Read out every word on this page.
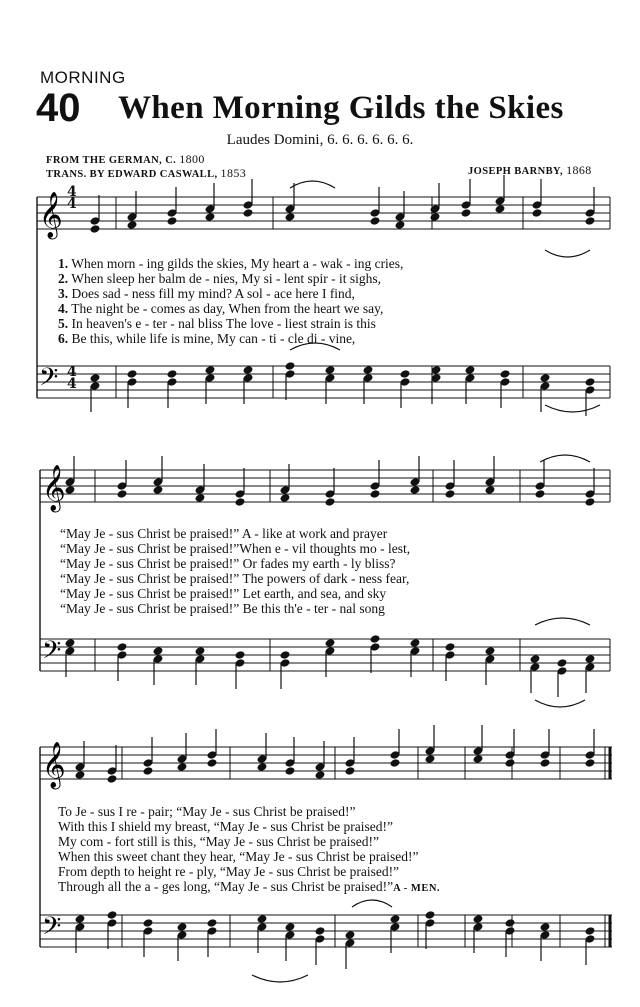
MORNING
40 When Morning Gilds the Skies
Laudes Domini, 6. 6. 6. 6. 6. 6.
FROM THE GERMAN, C. 1800
TRANS. BY EDWARD CASWALL, 1853	JOSEPH BARNBY, 1868
𝄞
𝄢
𝄞
𝄢
𝄞
𝄢
4
4
4
4
1. When morn - ing gilds the skies, My heart a - wak - ing cries,
2. When sleep her balm de - nies, My si - lent spir - it sighs,
3. Does sad - ness fill my mind? A sol - ace here I find,
4. The night be - comes as day, When from the heart we say,
5. In heaven's e - ter - nal bliss The love - liest strain is this
6. Be this, while life is mine, My can - ti - cle di - vine,
“May Je - sus Christ be praised!” A - like at work and prayer
“May Je - sus Christ be praised!”When e - vil thoughts mo - lest,
“May Je - sus Christ be praised!” Or fades my earth - ly bliss?
“May Je - sus Christ be praised!” The powers of dark - ness fear,
“May Je - sus Christ be praised!” Let earth, and sea, and sky
“May Je - sus Christ be praised!” Be this th'e - ter - nal song
To Je - sus I re - pair; “May Je - sus Christ be praised!”
With this I shield my breast, “May Je - sus Christ be praised!”
My com - fort still is this, “May Je - sus Christ be praised!”
When this sweet chant they hear, “May Je - sus Christ be praised!”
From depth to height re - ply, “May Je - sus Christ be praised!”
Through all the a - ges long, “May Je - sus Christ be praised!”A - MEN.
